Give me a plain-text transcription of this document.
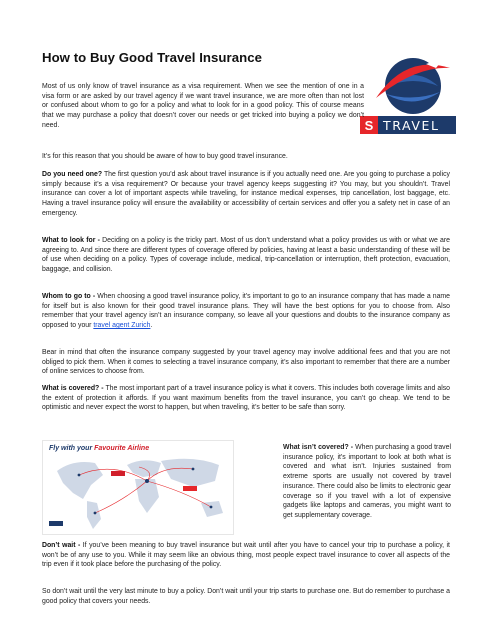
How to Buy Good Travel Insurance
S TRAVEL

Most of us only know of travel insurance as a visa requirement. When we see the mention of one in a visa form or are asked by our travel agency if we want travel insurance, we are more often than not lost or confused about whom to go for a policy and what to look for in a good policy. This of course means that we may purchase a policy that doesn’t cover our needs or get tricked into buying a policy we don’t need.

It’s for this reason that you should be aware of how to buy good travel insurance.

Do you need one? The first question you’d ask about travel insurance is if you actually need one. Are you going to purchase a policy simply because it’s a visa requirement? Or because your travel agency keeps suggesting it? You may, but you shouldn’t. Travel insurance can cover a lot of important aspects while traveling, for instance medical expenses, trip cancellation, lost baggage, etc. Having a travel insurance policy will ensure the availability or accessibility of certain services and offer you a safety net in case of an emergency.

What to look for - Deciding on a policy is the tricky part. Most of us don’t understand what a policy provides us with or what we are agreeing to. And since there are different types of coverage offered by policies, having at least a basic understanding of these will be of use when deciding on a policy. Types of coverage include, medical, trip-cancellation or interruption, theft protection, evacuation, baggage, and collision.

Whom to go to - When choosing a good travel insurance policy, it’s important to go to an insurance company that has made a name for itself but is also known for their good travel insurance plans. They will have the best options for you to choose from. Also remember that your travel agency isn’t an insurance company, so leave all your questions and doubts to the insurance company as opposed to your travel agent Zurich.

Bear in mind that often the insurance company suggested by your travel agency may involve additional fees and that you are not obliged to pick them. When it comes to selecting a travel insurance company, it’s also important to remember that there are a number of online services to choose from.

What is covered? - The most important part of a travel insurance policy is what it covers. This includes both coverage limits and also the extent of protection it affords. If you want maximum benefits from the travel insurance, you can’t go cheap. We tend to be optimistic and never expect the worst to happen, but when traveling, it’s better to be safe than sorry.

Fly with your Favourite Airline	What isn’t covered? - When purchasing a good travel insurance policy, it’s important to look at both what is covered and what isn’t. Injuries sustained from extreme sports are usually not covered by travel insurance. There could also be limits to electronic gear coverage so if you travel with a lot of expensive gadgets like laptops and cameras, you might want to get supplementary coverage.

Don’t wait - If you’ve been meaning to buy travel insurance but wait until after you have to cancel your trip to purchase a policy, it won’t be of any use to you. While it may seem like an obvious thing, most people expect travel insurance to cover all aspects of the trip even if it took place before the purchasing of the policy.

So don’t wait until the very last minute to buy a policy. Don’t wait until your trip starts to purchase one. But do remember to purchase a good policy that covers your needs.
